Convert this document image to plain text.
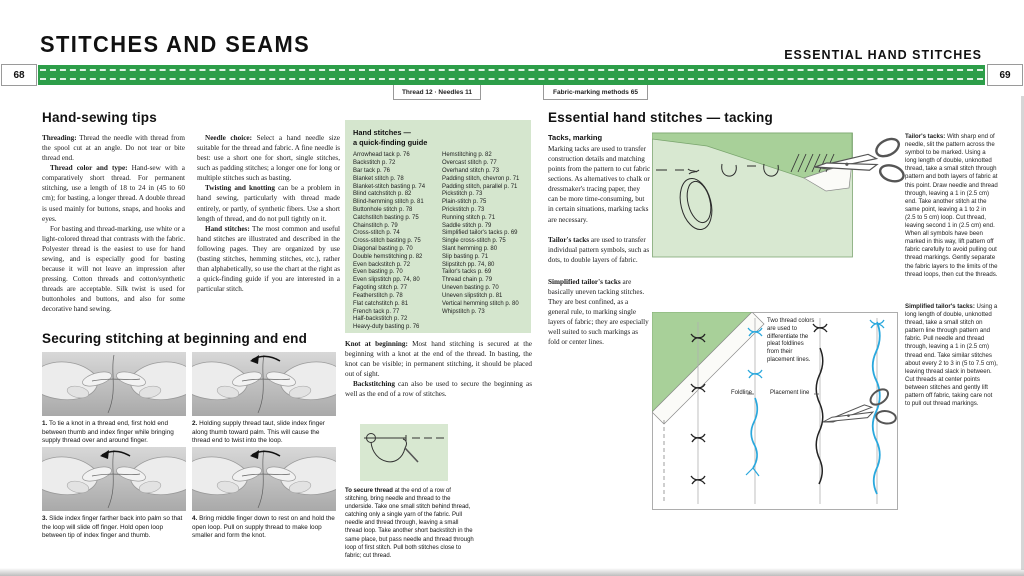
68	69
STITCHES AND SEAMS	ESSENTIAL HAND STITCHES
Thread 12 · Needles 11	Fabric-marking methods 65
Hand-sewing tips

Threading: Thread the needle with thread from the spool cut at an angle. Do not tear or bite thread end.

Thread color and type: Hand-sew with a comparatively short thread. For permanent stitching, use a length of 18 to 24 in (45 to 60 cm); for basting, a longer thread. A double thread is used mainly for buttons, snaps, and hooks and eyes.

For basting and thread-marking, use white or a light-colored thread that contrasts with the fabric. Polyester thread is the easiest to use for hand sewing, and is especially good for basting because it will not leave an impression after pressing. Cotton threads and cotton/synthetic threads are acceptable. Silk twist is used for buttonholes and buttons, and also for some decorative hand sewing.

Needle choice: Select a hand needle size suitable for the thread and fabric. A fine needle is best: use a short one for short, single stitches, such as padding stitches; a longer one for long or multiple stitches such as basting.

Twisting and knotting can be a problem in hand sewing, particularly with thread made entirely, or partly, of synthetic fibers. Use a short length of thread, and do not pull tightly on it.

Hand stitches: The most common and useful hand stitches are illustrated and described in the following pages. They are organized by use (basting stitches, hemming stitches, etc.), rather than alphabetically, so use the chart at the right as a quick-finding guide if you are interested in a particular stitch.

Hand stitches —
a quick-finding guide
Arrowhead tack p. 76
Backstitch p. 72
Bar tack p. 76
Blanket stitch p. 78
Blanket-stitch basting p. 74
Blind catchstitch p. 82
Blind-hemming stitch p. 81
Buttonhole stitch p. 78
Catchstitch basting p. 75
Chainstitch p. 79
Cross-stitch p. 74
Cross-stitch basting p. 75
Diagonal basting p. 70
Double hemstitching p. 82
Even backstitch p. 72
Even basting p. 70
Even slipstitch pp. 74, 80
Fagoting stitch p. 77
Featherstitch p. 78
Flat catchstitch p. 81
French tack p. 77
Half-backstitch p. 72
Heavy-duty basting p. 76
Hemstitching p. 82
Overcast stitch p. 77
Overhand stitch p. 73
Padding stitch, chevron p. 71
Padding stitch, parallel p. 71
Pickstitch p. 73
Plain-stitch p. 75
Prickstitch p. 73
Running stitch p. 71
Saddle stitch p. 79
Simplified tailor's tacks p. 69
Single cross-stitch p. 75
Slant hemming p. 80
Slip basting p. 71
Slipstitch pp. 74, 80
Tailor's tacks p. 69
Thread chain p. 79
Uneven basting p. 70
Uneven slipstitch p. 81
Vertical hemming stitch p. 80
Whipstitch p. 73
Securing stitching at beginning and end
1. To tie a knot in a thread end, first hold end between thumb and index finger while bringing supply thread over and around finger.
2. Holding supply thread taut, slide index finger along thumb toward palm. This will cause the thread end to twist into the loop.
3. Slide index finger farther back into palm so that the loop will slide off finger. Hold open loop between tip of index finger and thumb.
4. Bring middle finger down to rest on and hold the open loop. Pull on supply thread to make loop smaller and form the knot.

Knot at beginning: Most hand stitching is secured at the beginning with a knot at the end of the thread. In basting, the knot can be visible; in permanent stitching, it should be placed out of sight.

Backstitching can also be used to secure the beginning as well as the end of a row of stitches.

To secure thread at the end of a row of stitching, bring needle and thread to the underside. Take one small stitch behind thread, catching only a single yarn of the fabric. Pull needle and thread through, leaving a small thread loop. Take another short backstitch in the same place, but pass needle and thread through loop of first stitch. Pull both stitches close to fabric; cut thread.
Essential hand stitches — tacking
Tacks, marking

Marking tacks are used to transfer construction details and matching points from the pattern to cut fabric sections. As alternatives to chalk or dressmaker's tracing paper, they can be more time-consuming, but in certain situations, marking tacks are necessary.

Tailor's tacks are used to transfer individual pattern symbols, such as dots, to double layers of fabric.

Simplified tailor's tacks are basically uneven tacking stitches. They are best confined, as a general rule, to marking single layers of fabric; they are especially well suited to such markings as fold or center lines.

Two thread colors are used to differentiate the pleat foldlines from their placement lines.
Foldline	Placement line
Tailor's tacks: With sharp end of needle, slit the pattern across the symbol to be marked. Using a long length of double, unknotted thread, take a small stitch through pattern and both layers of fabric at this point. Draw needle and thread through, leaving a 1 in (2.5 cm) end. Take another stitch at the same point, leaving a 1 to 2 in (2.5 to 5 cm) loop. Cut thread, leaving second 1 in (2.5 cm) end. When all symbols have been marked in this way, lift pattern off fabric carefully to avoid pulling out thread markings. Gently separate the fabric layers to the limits of the thread loops, then cut the threads.
Simplified tailor's tacks: Using a long length of double, unknotted thread, take a small stitch on pattern line through pattern and fabric. Pull needle and thread through, leaving a 1 in (2.5 cm) thread end. Take similar stitches about every 2 to 3 in (5 to 7.5 cm), leaving thread slack in between. Cut threads at center points between stitches and gently lift pattern off fabric, taking care not to pull out thread markings.
